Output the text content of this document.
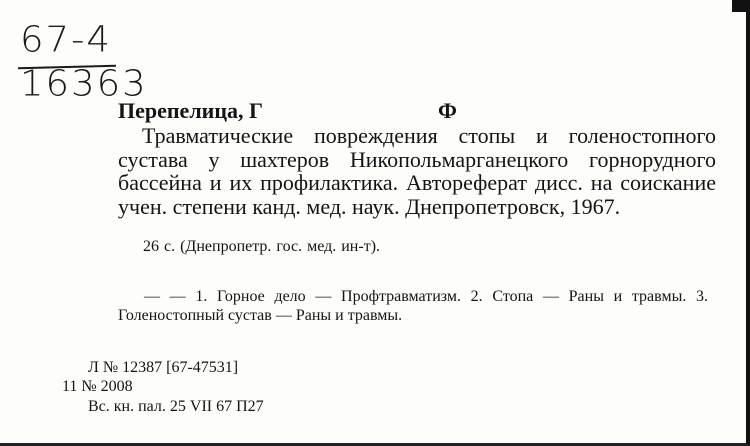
67-4
16363
Перепелица, Г	Ф

Травматические повреждения стопы и голеностопного сустава у шахтеров Никопольмарганецкого горнорудного бассейна и их профилактика. Автореферат дисс. на соискание учен. степени канд. мед. наук. Днепропетровск, 1967.

26 с. (Днепропетр. гос. мед. ин-т).

— — 1. Горное дело — Профтравматизм. 2. Стопа — Раны и травмы. 3. Голеностопный сустав — Раны и травмы.

Л № 12387 [67-47531]
11 № 2008
Вс. кн. пал. 25 VII 67 П27
